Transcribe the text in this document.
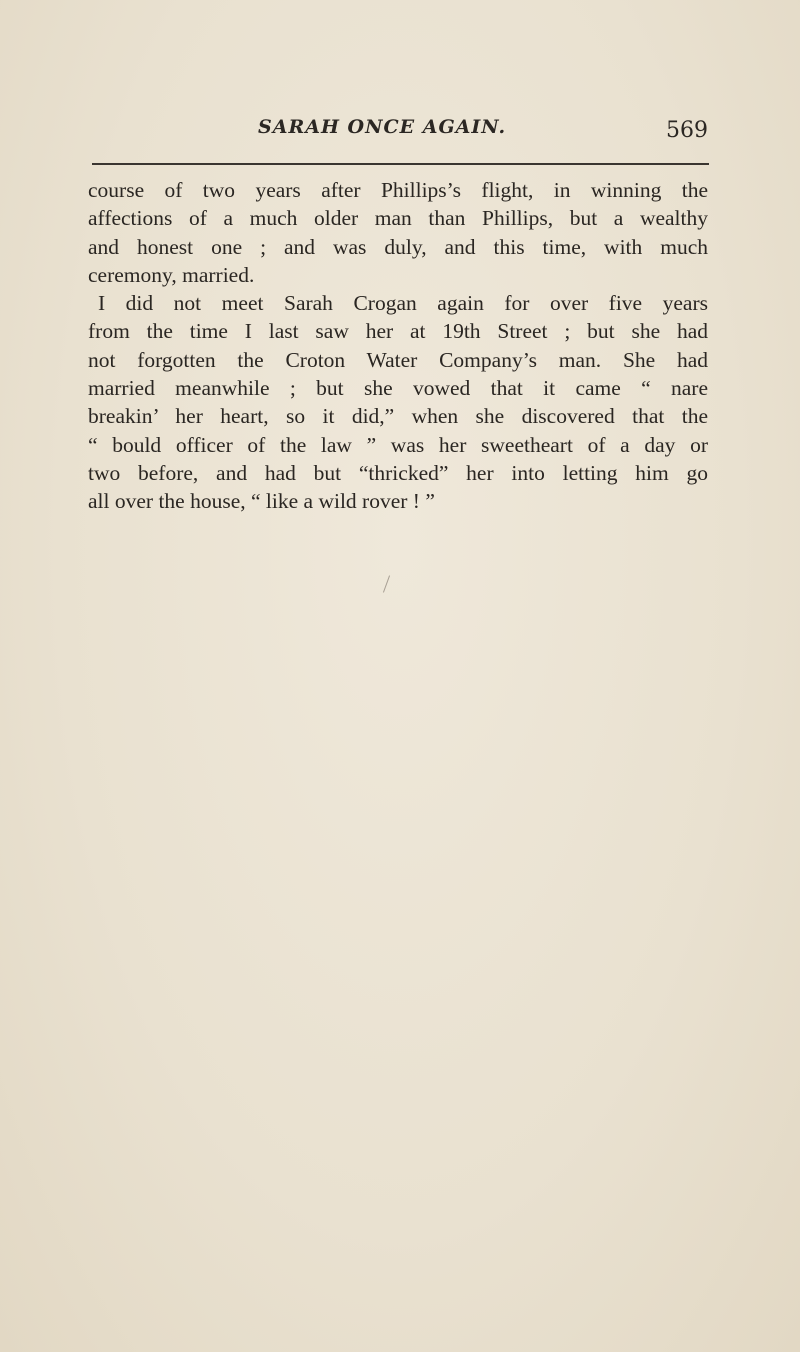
SARAH ONCE AGAIN.	569

course of two years after Phillips’s flight, in winning the
affections of a much older man than Phillips, but a wealthy
and honest one ; and was duly, and this time, with much
ceremony, married.

I did not meet Sarah Crogan again for over five years
from the time I last saw her at 19th Street ; but she had
not forgotten the Croton Water Company’s man. She had
married meanwhile ; but she vowed that it came “ nare
breakin’ her heart, so it did,” when she discovered that the
“ bould officer of the law ” was her sweetheart of a day or
two before, and had but “thricked” her into letting him go
all over the house, “ like a wild rover ! ”
